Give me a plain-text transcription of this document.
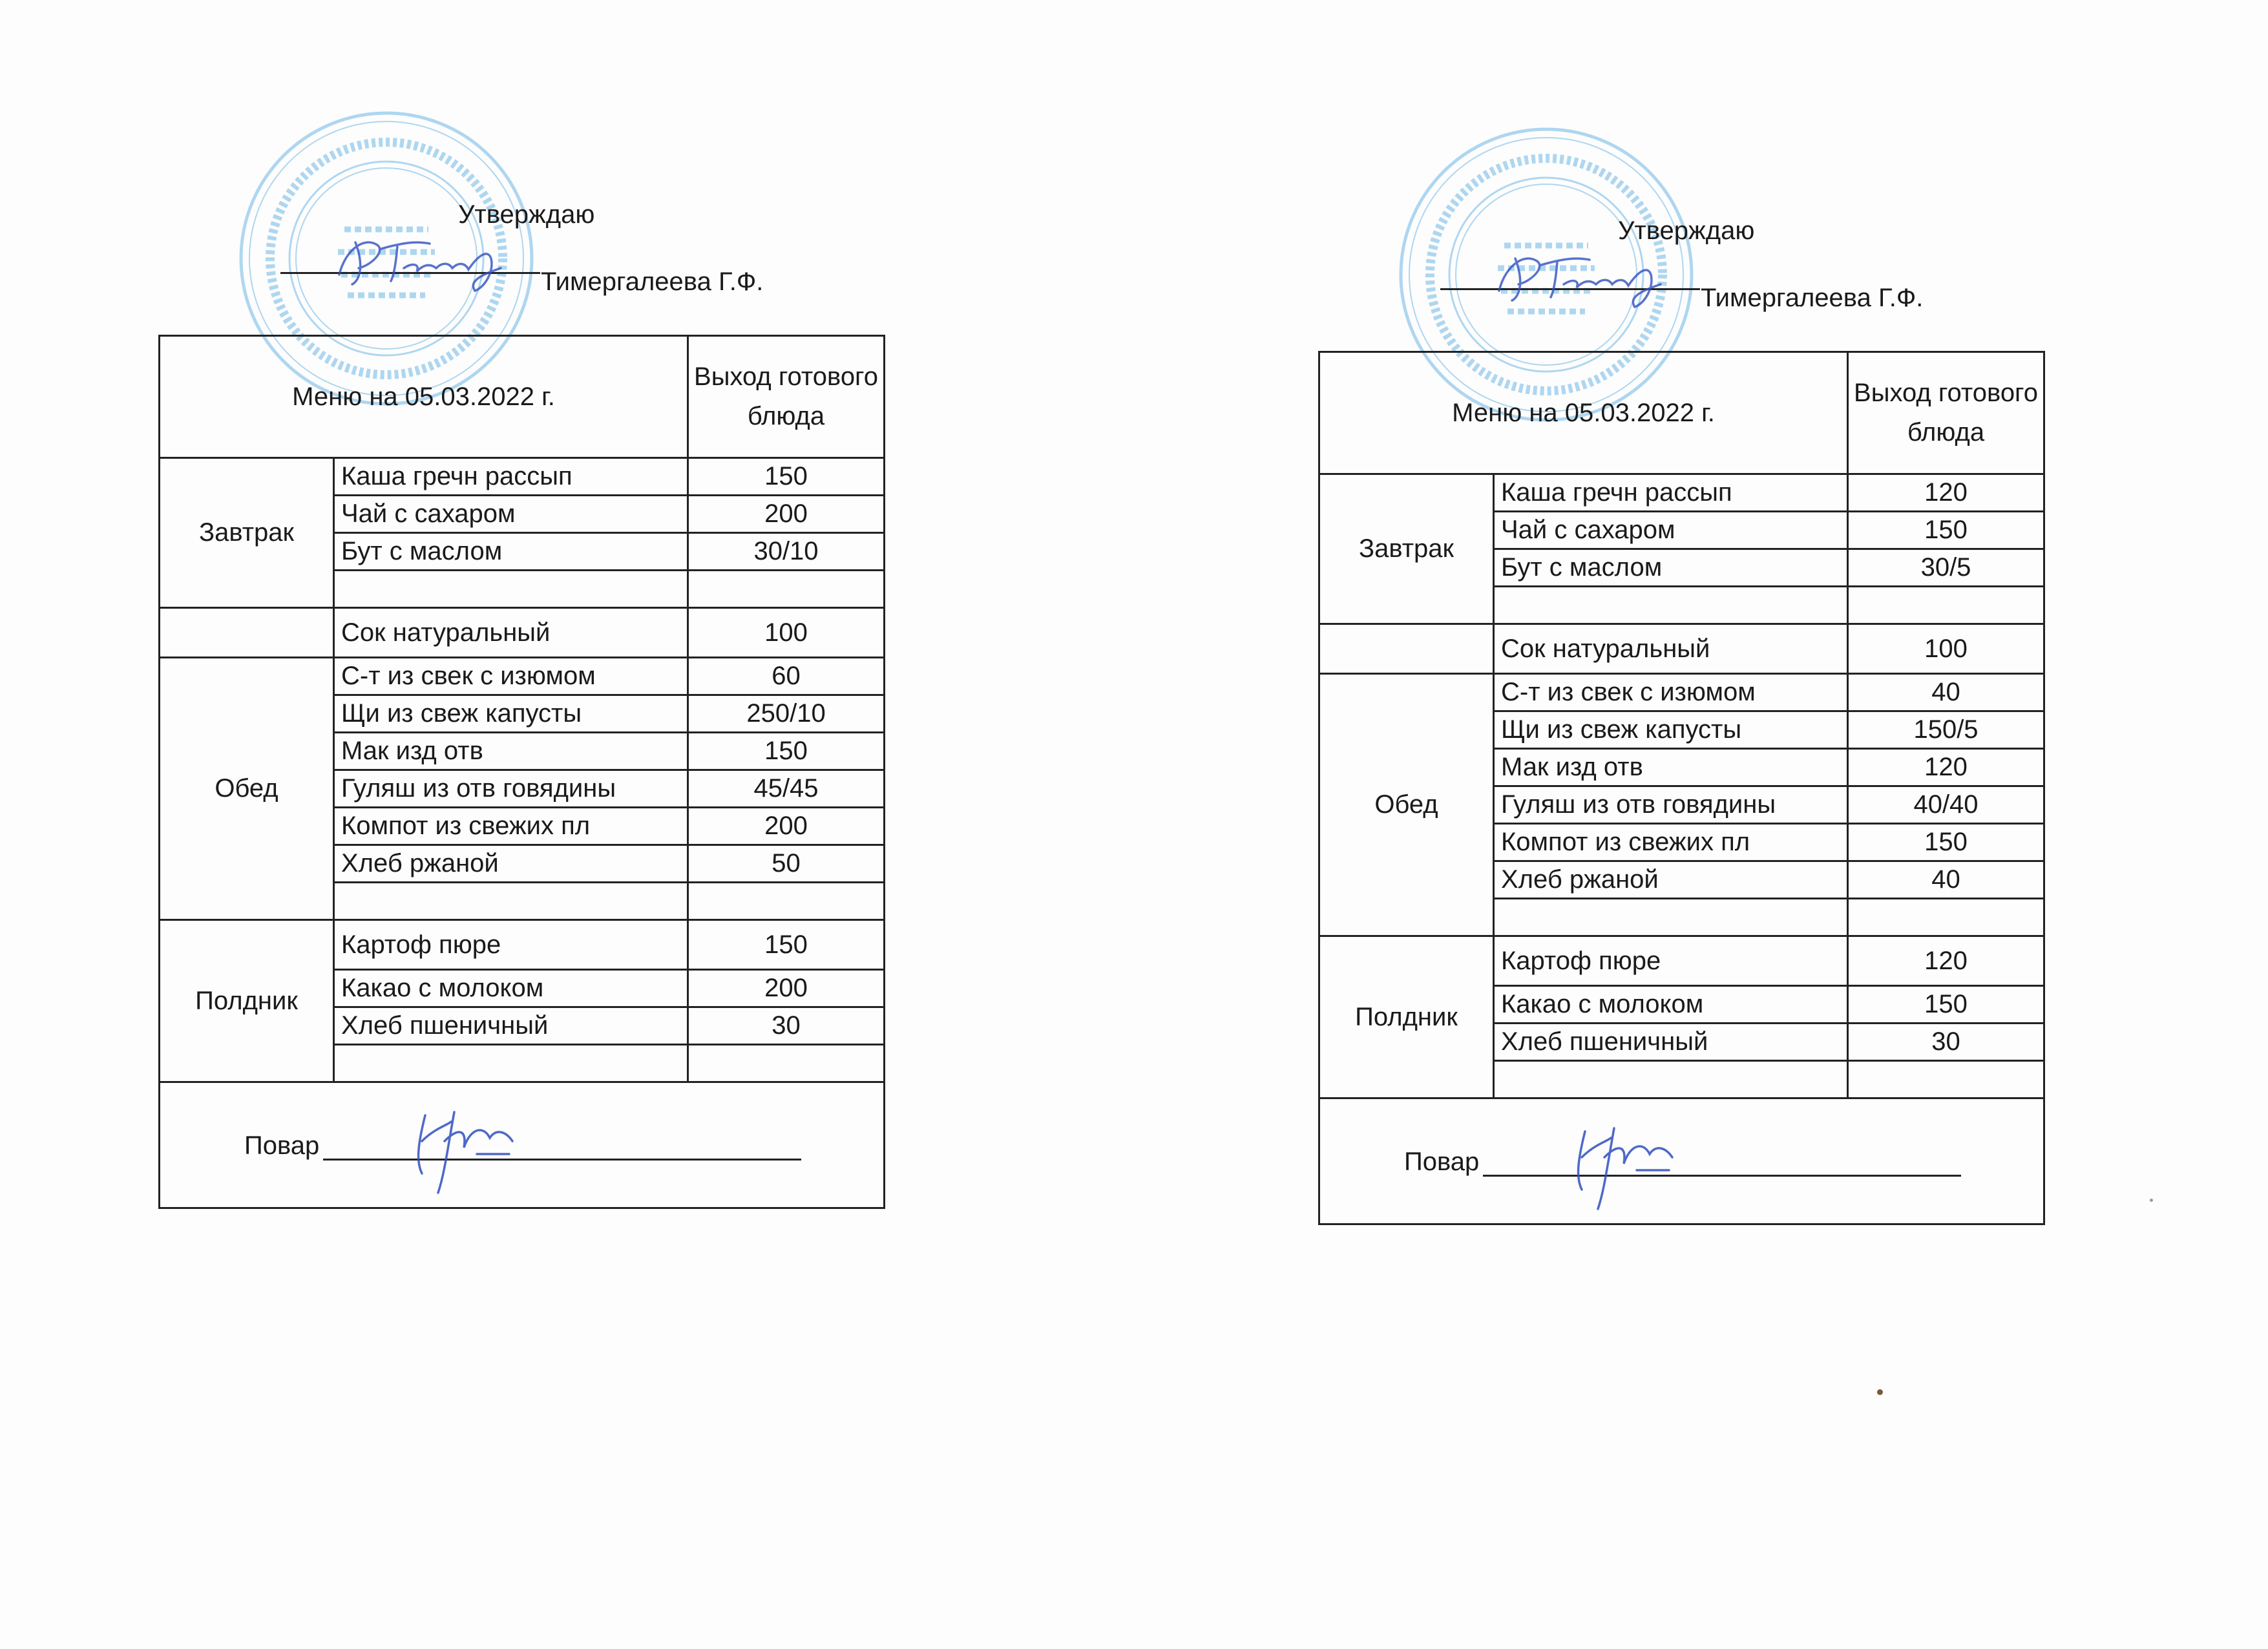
Утверждаю
Тимергалеева Г.Ф.
Меню на 05.03.2022 г.		Выход готового блюда
Завтрак	Каша гречн рассып	150
	Чай с сахаром	200
	Бут с маслом	30/10

	Сок натуральный	100
Обед	С-т из свек с изюмом	60
	Щи из свеж капусты	250/10
	Мак изд отв	150
	Гуляш из отв говядины	45/45
	Компот из свежих пл	200
	Хлеб ржаной	50

Полдник	Картоф пюре	150
	Какао с молоком	200
	Хлеб пшеничный	30

Повар		
Утверждаю
Тимергалеева Г.Ф.
Меню на 05.03.2022 г.		Выход готового блюда
Завтрак	Каша гречн рассып	120
	Чай с сахаром	150
	Бут с маслом	30/5

	Сок натуральный	100
Обед	С-т из свек с изюмом	40
	Щи из свеж капусты	150/5
	Мак изд отв	120
	Гуляш из отв говядины	40/40
	Компот из свежих пл	150
	Хлеб ржаной	40

Полдник	Картоф пюре	120
	Какао с молоком	150
	Хлеб пшеничный	30

Повар		
